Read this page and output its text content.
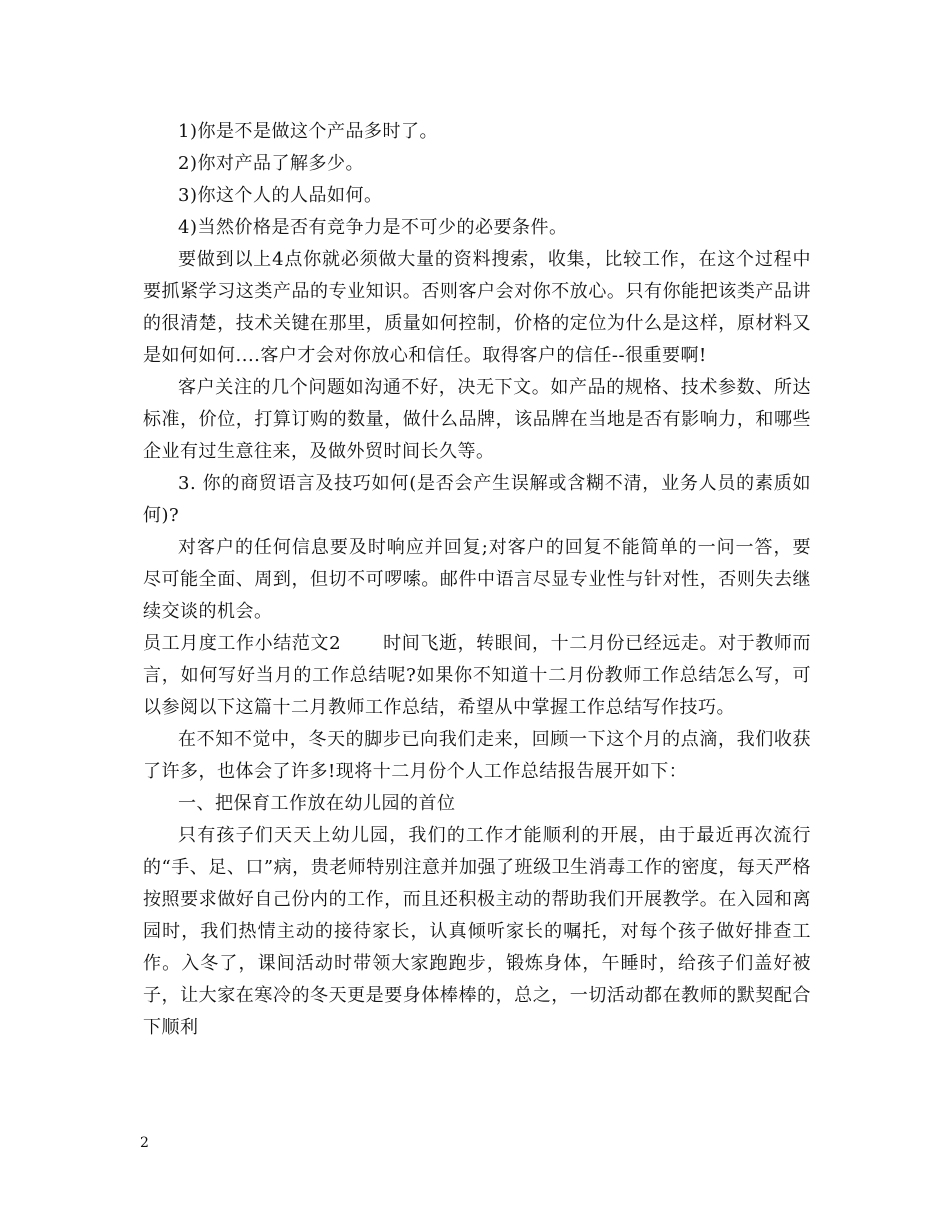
1)你是不是做这个产品多时了。

2)你对产品了解多少。

3)你这个人的人品如何。

4)当然价格是否有竞争力是不可少的必要条件。

要做到以上4点你就必须做大量的资料搜索，收集，比较工作，在这个过程中要抓紧学习这类产品的专业知识。否则客户会对你不放心。只有你能把该类产品讲的很清楚，技术关键在那里，质量如何控制，价格的定位为什么是这样，原材料又是如何如何....客户才会对你放心和信任。取得客户的信任--很重要啊!

客户关注的几个问题如沟通不好，决无下文。如产品的规格、技术参数、所达标准，价位，打算订购的数量，做什么品牌，该品牌在当地是否有影响力，和哪些企业有过生意往来，及做外贸时间长久等。

3. 你的商贸语言及技巧如何(是否会产生误解或含糊不清，业务人员的素质如何)?

对客户的任何信息要及时响应并回复;对客户的回复不能简单的一问一答，要尽可能全面、周到，但切不可啰嗦。邮件中语言尽显专业性与针对性，否则失去继续交谈的机会。

员工月度工作小结范文2 时间飞逝，转眼间，十二月份已经远走。对于教师而言，如何写好当月的工作总结呢?如果你不知道十二月份教师工作总结怎么写，可以参阅以下这篇十二月教师工作总结，希望从中掌握工作总结写作技巧。

在不知不觉中，冬天的脚步已向我们走来，回顾一下这个月的点滴，我们收获了许多，也体会了许多!现将十二月份个人工作总结报告展开如下：

一、把保育工作放在幼儿园的首位

只有孩子们天天上幼儿园，我们的工作才能顺利的开展，由于最近再次流行的“手、足、口”病，贵老师特别注意并加强了班级卫生消毒工作的密度，每天严格按照要求做好自己份内的工作，而且还积极主动的帮助我们开展教学。在入园和离园时，我们热情主动的接待家长，认真倾听家长的嘱托，对每个孩子做好排查工作。入冬了，课间活动时带领大家跑跑步，锻炼身体，午睡时，给孩子们盖好被子，让大家在寒冷的冬天更是要身体棒棒的，总之，一切活动都在教师的默契配合下顺利

2
